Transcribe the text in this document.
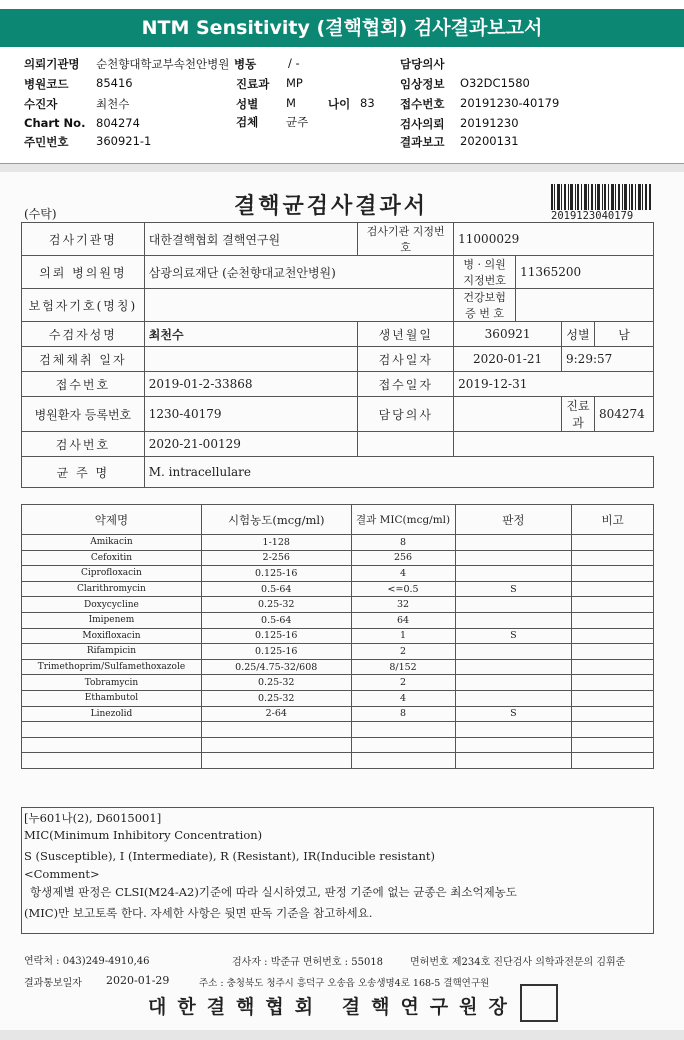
NTM Sensitivity (결핵협회) 검사결과보고서
의뢰기관명 순천향대학교부속천안병원 병동	/ -	담당의사
병원코드 85416	진료과 MP	임상정보 O32DC1580
수진자	최천수	성별 M	나이 83 접수번호 20191230-40179
Chart No. 804274	검체 균주	검사의뢰 20191230
주민번호 360921-1	결과보고 20200131
(수탁)	결핵균검사결과서	2019123040179
검사기관명	대한결핵협회 결핵연구원	검사기관 지정번호	11000029			
의뢰 병의원명	삼광의료재단 (순천향대교천안병원)		병 · 의원 지정번호	11365200		
보험자기호(명칭)			건강보험 증 번 호			
수검자성명	최천수	생년월일	360921		성별	남
검체채취 일자		검사일자	2020-01-21		9:29:57	
접수번호	2019-01-2-33868	접수일자	2019-12-31			
병원환자 등록번호	1230-40179	담당의사			진료과	804274
검사번호	2020-21-00129					
균 주 명	M. intracellulare					
약제명	시험농도(mcg/ml)	결과 MIC(mcg/ml)	판정	비고
Amikacin	1-128	8		
Cefoxitin	2-256	256		
Ciprofloxacin	0.125-16	4		
Clarithromycin	0.5-64	<=0.5	S	
Doxycycline	0.25-32	32		
Imipenem	0.5-64	64		
Moxifloxacin	0.125-16	1	S	
Rifampicin	0.125-16	2		
Trimethoprim/Sulfamethoxazole	0.25/4.75-32/608	8/152		
Tobramycin	0.25-32	2		
Ethambutol	0.25-32	4		
Linezolid	2-64	8	S	

[누601나(2), D6015001]
MIC(Minimum Inhibitory Concentration)
S (Susceptible), I (Intermediate), R (Resistant), IR(Inducible resistant)
<Comment>
항생제별 판정은 CLSI(M24-A2)기준에 따라 실시하였고, 판정 기준에 없는 균종은 최소억제농도
(MIC)만 보고토록 한다. 자세한 사항은 뒷면 판독 기준을 참고하세요.
연락처 : 043)249-4910,46	검사자 : 박준규 면허번호 : 55018	면허번호 제234호 진단검사 의학과전문의 김휘준
결과통보일자 2020-01-29	주소 : 충청북도 청주시 흥덕구 오송읍 오송생명4로 168-5 결핵연구원
대한결핵협회 결핵연구원장
